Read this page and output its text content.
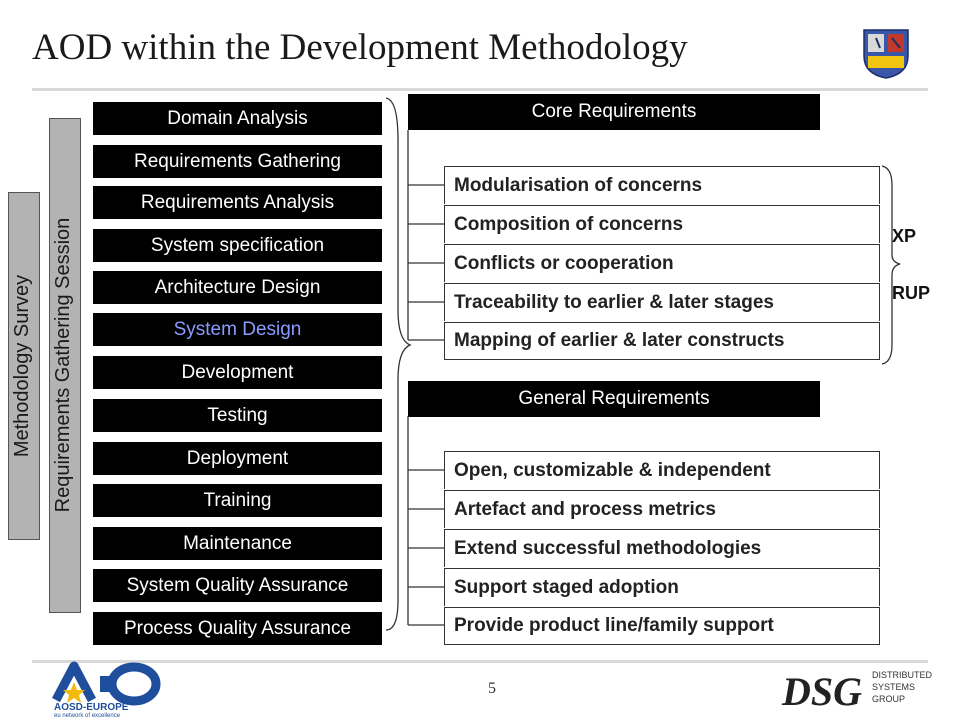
AOD within the Development Methodology
Methodology Survey Requirements Gathering Session
Domain Analysis
Requirements Gathering
Requirements Analysis
System specification
Architecture Design
System Design
Development
Testing
Deployment
Training
Maintenance
System Quality Assurance
Process Quality Assurance
Core Requirements
Modularisation of concerns
Composition of concerns
Conflicts or cooperation
Traceability to earlier & later stages
Mapping of earlier & later constructs
General Requirements
Open, customizable & independent
Artefact and process metrics
Extend successful methodologies
Support staged adoption
Provide product line/family support
XP
RUP
5
AOSD-EUROPE
eu network of excellence
DSG DISTRIBUTED
SYSTEMS
GROUP
